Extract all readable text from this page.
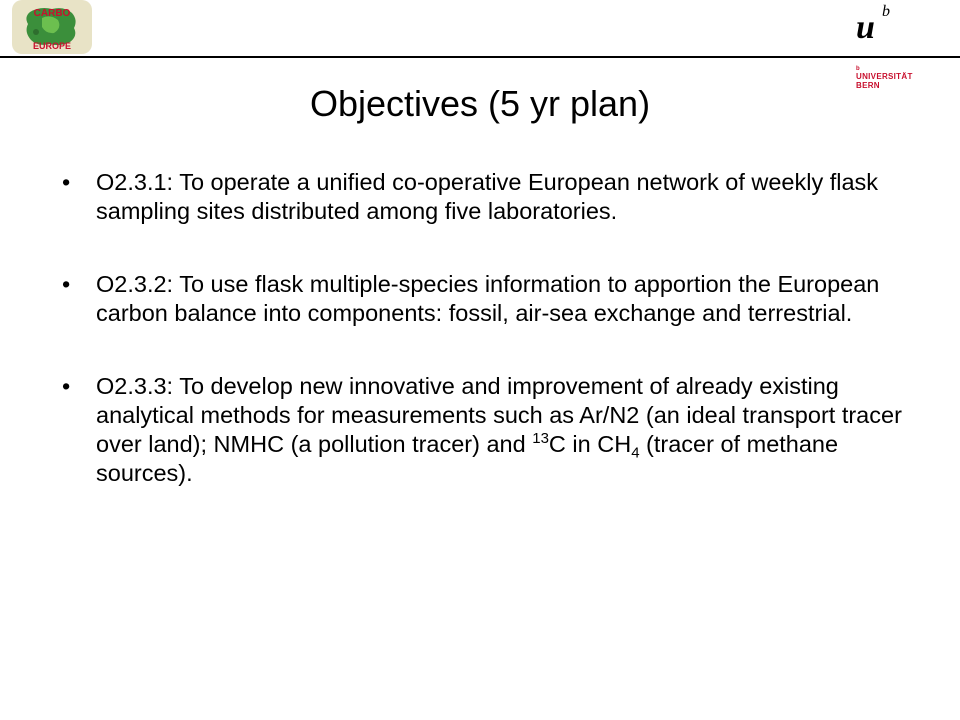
CARBO
EUROPE	u b
b
UNIVERSITÄT
BERN
Objectives (5 yr plan)
• O2.3.1: To operate a unified co-operative European network of weekly flask sampling sites distributed among five laboratories.
• O2.3.2: To use flask multiple-species information to apportion the European carbon balance into components: fossil, air-sea exchange and terrestrial.
• O2.3.3: To develop new innovative and improvement of already existing analytical methods for measurements such as Ar/N2 (an ideal transport tracer over land); NMHC (a pollution tracer) and $^{13}$C in $CH_4$ (tracer of methane sources).
